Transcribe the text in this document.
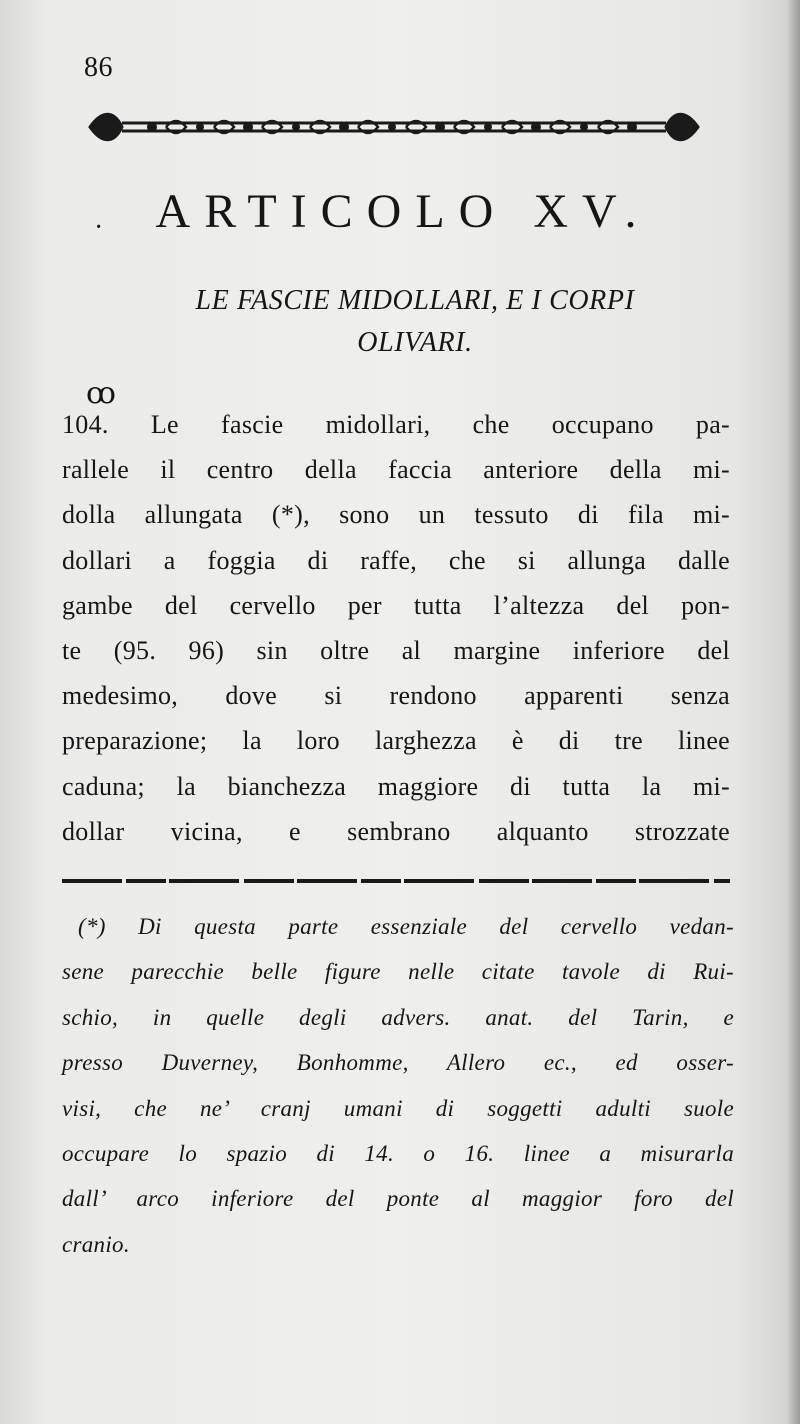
86
·	ARTICOLO XV.
LE FASCIE MIDOLLARI, E I CORPI
OLIVARI.
ꝏ
104. Le fascie midollari, che occupano pa-
rallele il centro della faccia anteriore della mi-
dolla allungata (*), sono un tessuto di fila mi-
dollari a foggia di raffe, che si allunga dalle
gambe del cervello per tutta l’altezza del pon-
te (95. 96) sin oltre al margine inferiore del
medesimo, dove si rendono apparenti senza
preparazione; la loro larghezza è di tre linee
caduna; la bianchezza maggiore di tutta la mi-
dollar vicina, e sembrano alquanto strozzate
(*) Di questa parte essenziale del cervello vedan-
sene parecchie belle figure nelle citate tavole di Rui-
schio, in quelle degli advers. anat. del Tarin, e
presso Duverney, Bonhomme, Allero ec., ed osser-
visi, che ne’ cranj umani di soggetti adulti suole
occupare lo spazio di 14. o 16. linee a misurarla
dall’ arco inferiore del ponte al maggior foro del
cranio.
